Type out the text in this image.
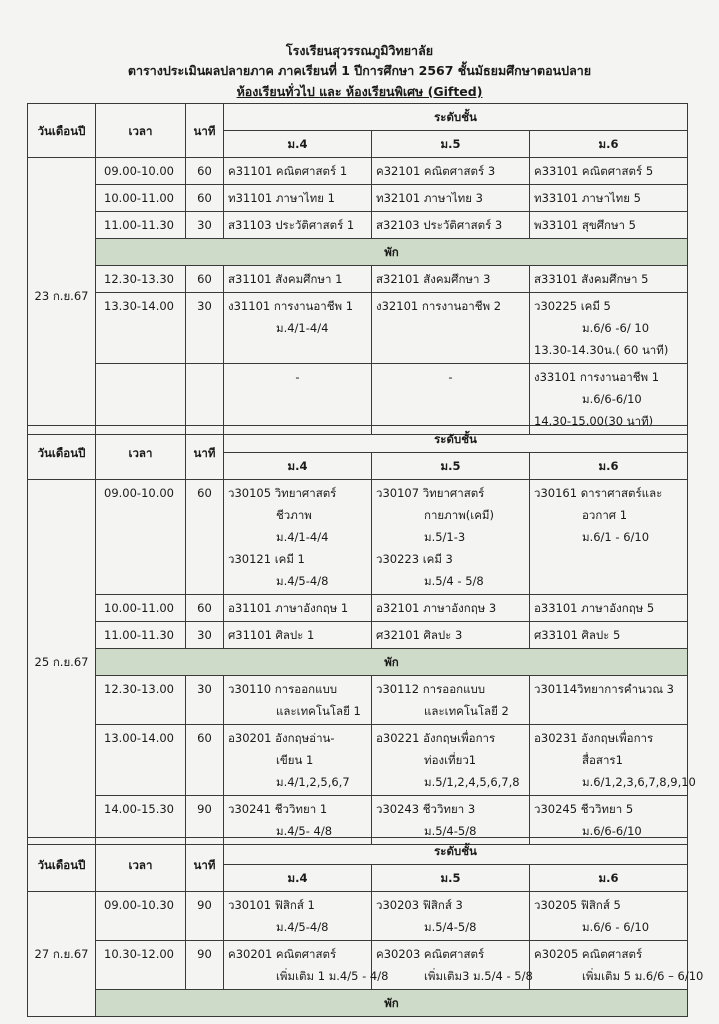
โรงเรียนสุวรรณภูมิวิทยาลัย
ตารางประเมินผลปลายภาค ภาคเรียนที่ 1 ปีการศึกษา 2567 ชั้นมัธยมศึกษาตอนปลาย
ห้องเรียนทั่วไป และ ห้องเรียนพิเศษ (Gifted)
วันเดือนปี	เวลา	นาที	ระดับชั้น		
			ม.4	ม.5	ม.6
23 ก.ย.67	09.00-10.00	60	ค31101 คณิตศาสตร์ 1	ค32101 คณิตศาสตร์ 3	ค33101 คณิตศาสตร์ 5

	10.00-11.00	60	ท31101 ภาษาไทย 1	ท32101 ภาษาไทย 3	ท33101 ภาษาไทย 5

	11.00-11.30	30	ส31103 ประวัติศาสตร์ 1	ส32103 ประวัติศาสตร์ 3	พ33101 สุขศึกษา 5

	พัก				
	12.30-13.30	60	ส31101 สังคมศึกษา 1	ส32101 สังคมศึกษา 3	ส33101 สังคมศึกษา 5

	13.30-14.00	30	ง31101 การงานอาชีพ 1
ม.4/1-4/4	ง32101 การงานอาชีพ 2	ว30225 เคมี 5
ม.6/6 -6/ 10
13.30-14.30น.( 60 นาที)

			-	-	ง33101 การงานอาชีพ 1
ม.6/6-6/10
14.30-15.00(30 นาที)
วันเดือนปี	เวลา	นาที	ระดับชั้น		
			ม.4	ม.5	ม.6
25 ก.ย.67	09.00-10.00	60	ว30105 วิทยาศาสตร์
ชีวภาพ
ม.4/1-4/4
ว30121 เคมี 1
ม.4/5-4/8	ว30107 วิทยาศาสตร์
กายภาพ(เคมี)
ม.5/1-3
ว30223 เคมี 3
ม.5/4 - 5/8	ว30161 ดาราศาสตร์และ
อวกาศ 1
ม.6/1 - 6/10

	10.00-11.00	60	อ31101 ภาษาอังกฤษ 1	อ32101 ภาษาอังกฤษ 3	อ33101 ภาษาอังกฤษ 5

	11.00-11.30	30	ศ31101 ศิลปะ 1	ศ32101 ศิลปะ 3	ศ33101 ศิลปะ 5

	พัก				
	12.30-13.00	30	ว30110 การออกแบบ
และเทคโนโลยี 1	ว30112 การออกแบบ
และเทคโนโลยี 2	ว30114วิทยาการคำนวณ 3

	13.00-14.00	60	อ30201 อังกฤษอ่าน-
เขียน 1
ม.4/1,2,5,6,7	อ30221 อังกฤษเพื่อการ
ท่องเที่ยว1
ม.5/1,2,4,5,6,7,8	อ30231 อังกฤษเพื่อการ
สื่อสาร1
ม.6/1,2,3,6,7,8,9,10

	14.00-15.30	90	ว30241 ชีววิทยา 1
ม.4/5- 4/8	ว30243 ชีววิทยา 3
ม.5/4-5/8	ว30245 ชีววิทยา 5
ม.6/6-6/10
วันเดือนปี	เวลา	นาที	ระดับชั้น		
			ม.4	ม.5	ม.6
27 ก.ย.67	09.00-10.30	90	ว30101 ฟิสิกส์ 1
ม.4/5-4/8	ว30203 ฟิสิกส์ 3
ม.5/4-5/8	ว30205 ฟิสิกส์ 5
ม.6/6 - 6/10

	10.30-12.00	90	ค30201 คณิตศาสตร์
เพิ่มเติม 1 ม.4/5 - 4/8	ค30203 คณิตศาสตร์
เพิ่มเติม3 ม.5/4 - 5/8	ค30205 คณิตศาสตร์
เพิ่มเติม 5 ม.6/6 – 6/10

	พัก				
